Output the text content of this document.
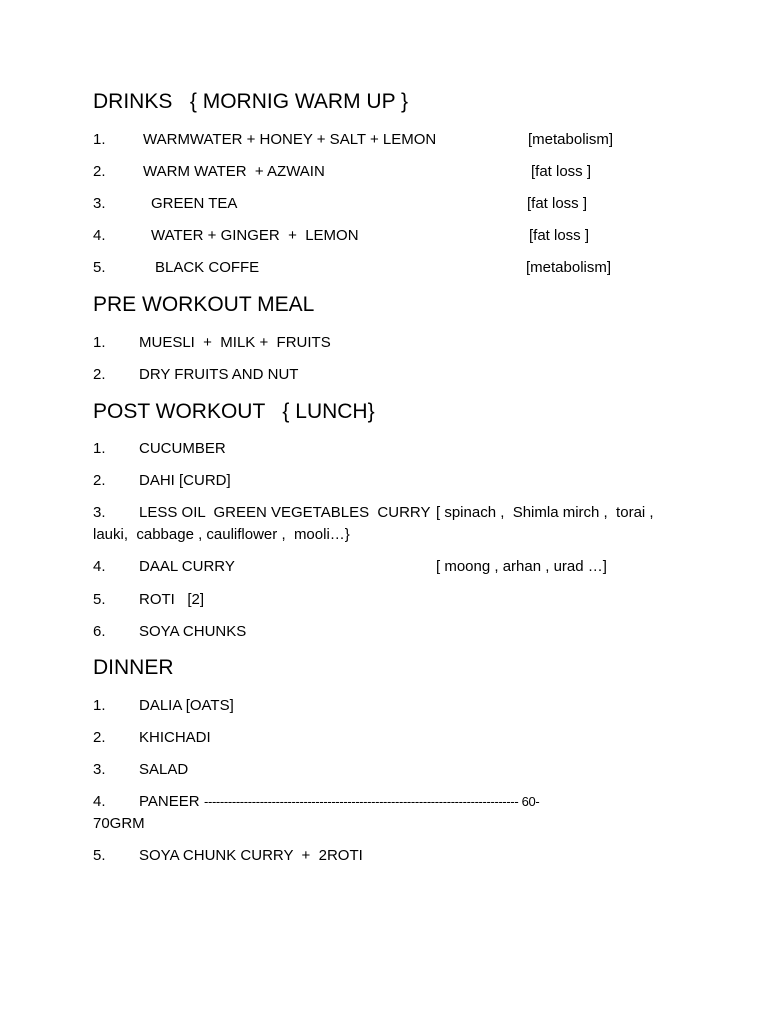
DRINKS   { MORNIG WARM UP }
1. WARMWATER + HONEY + SALT + LEMON	[metabolism]
2. WARM WATER  + AZWAIN	[fat loss ]
3.	GREEN TEA	[fat loss ]
4.	WATER + GINGER  +  LEMON	[fat loss ]
5.	BLACK COFFE	[metabolism]
PRE WORKOUT MEAL
1. MUESLI  +  MILK +  FRUITS
2. DRY FRUITS AND NUT
POST WORKOUT   { LUNCH}
1. CUCUMBER
2. DAHI [CURD]
3. LESS OIL  GREEN VEGETABLES  CURRY [ spinach ,  Shimla mirch ,  torai ,
lauki,  cabbage , cauliflower ,  mooli…}
4. DAAL CURRY	[ moong , arhan , urad …]
5. ROTI   [2]
6. SOYA CHUNKS
DINNER
1. DALIA [OATS]
2. KHICHADI
3. SALAD
4. PANEER ------------------------------------------------------------------------------- 60-
70GRM
5. SOYA CHUNK CURRY  +  2ROTI
